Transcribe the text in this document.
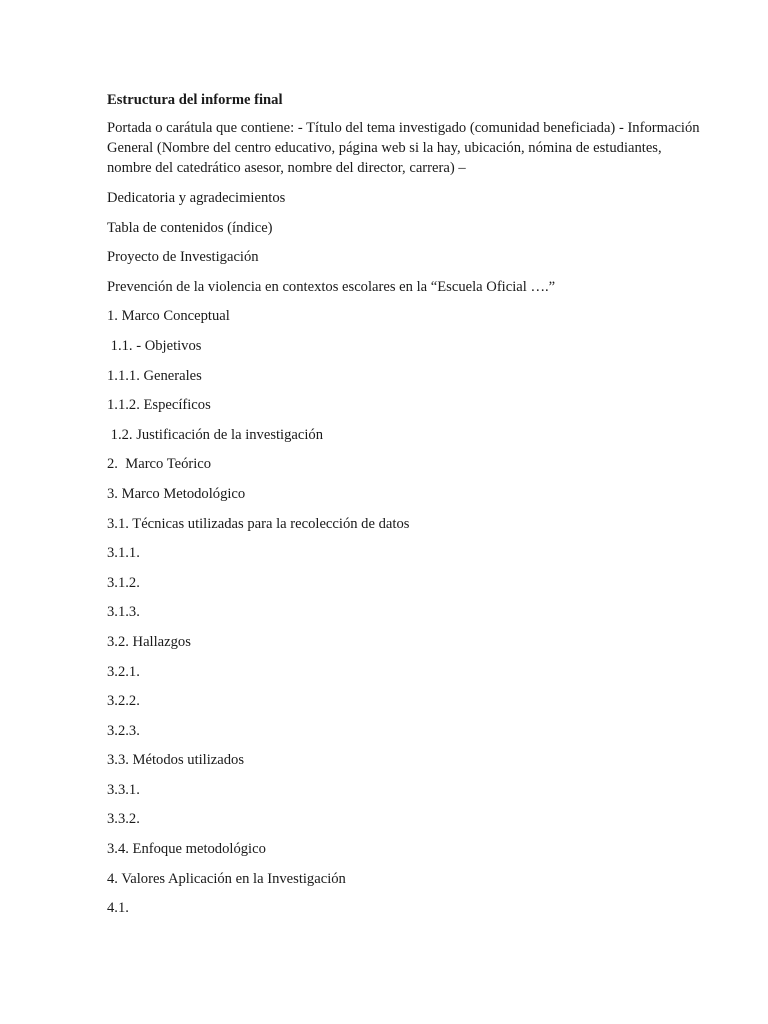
Estructura del informe final

Portada o carátula que contiene: - Título del tema investigado (comunidad beneficiada) - Información General (Nombre del centro educativo, página web si la hay, ubicación, nómina de estudiantes, nombre del catedrático asesor, nombre del director, carrera) –

Dedicatoria y agradecimientos

Tabla de contenidos (índice)

Proyecto de Investigación

Prevención de la violencia en contextos escolares en la “Escuela Oficial ….”

1. Marco Conceptual

1.1. - Objetivos

1.1.1. Generales

1.1.2. Específicos

1.2. Justificación de la investigación

2.  Marco Teórico

3. Marco Metodológico

3.1. Técnicas utilizadas para la recolección de datos

3.1.1.

3.1.2.

3.1.3.

3.2. Hallazgos

3.2.1.

3.2.2.

3.2.3.

3.3. Métodos utilizados

3.3.1.

3.3.2.

3.4. Enfoque metodológico

4. Valores Aplicación en la Investigación

4.1.
